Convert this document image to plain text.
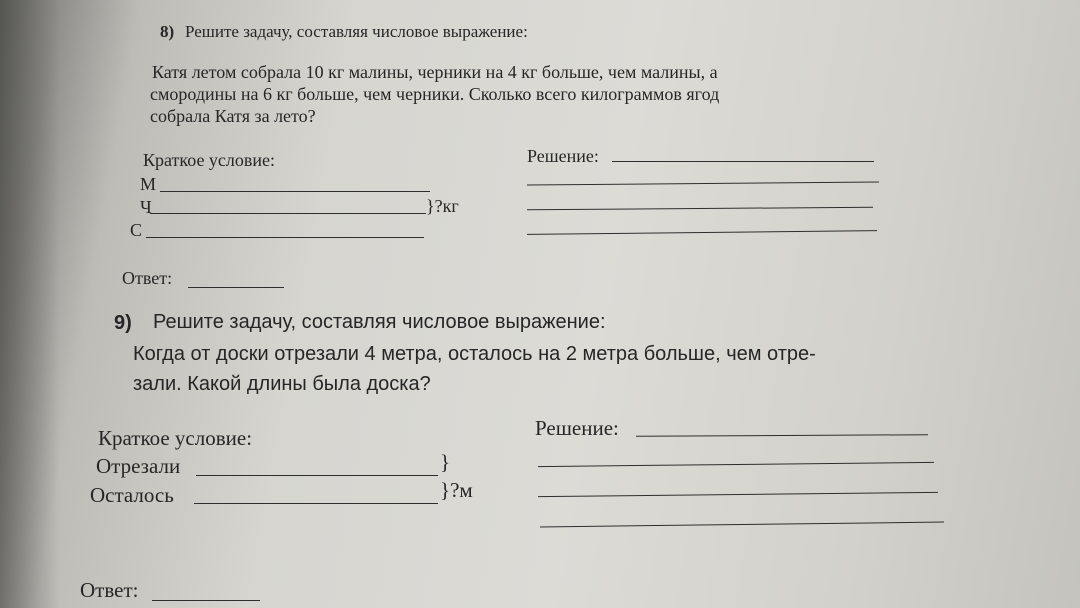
8) Решите задачу, составляя числовое выражение:
Катя летом собрала 10 кг малины, черники на 4 кг больше, чем малины, а
смородины на 6 кг больше, чем черники. Сколько всего килограммов ягод
собрала Катя за лето?
Краткое условие:
М
Ч	}?кг
С
Решение:
Ответ:
9) Решите задачу, составляя числовое выражение:
Когда от доски отрезали 4 метра, осталось на 2 метра больше, чем отре-
зали. Какой длины была доска?
Краткое условие:
Отрезали	}
Осталось	}?м
Решение:
Ответ:
